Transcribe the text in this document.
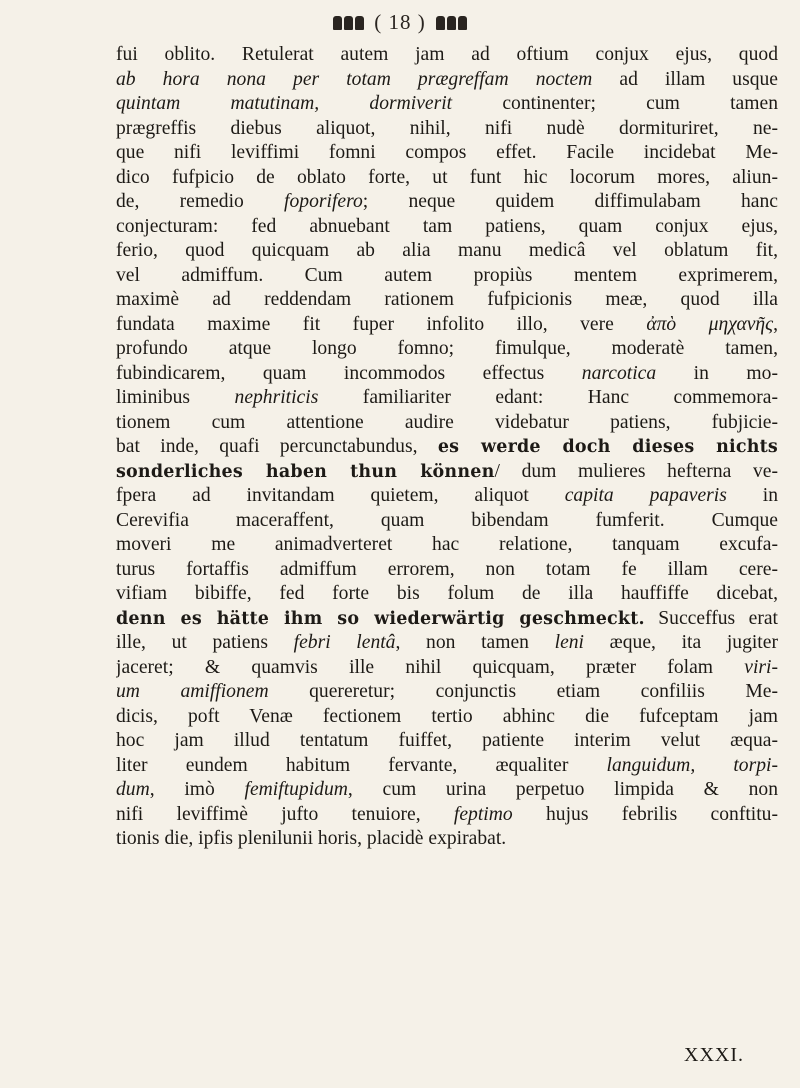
( 18 )
fui oblito. Retulerat autem jam ad oftium conjux ejus, quod
ab hora nona per totam prægreffam noctem ad illam usque
quintam matutinam, dormiverit continenter; cum tamen
prægreffis diebus aliquot, nihil, nifi nudè dormituriret, ne-
que nifi leviffimi fomni compos effet. Facile incidebat Me-
dico fufpicio de oblato forte, ut funt hic locorum mores, aliun-
de, remedio foporifero; neque quidem diffimulabam hanc
conjecturam: fed abnuebant tam patiens, quam conjux ejus,
ferio, quod quicquam ab alia manu medicâ vel oblatum fit,
vel admiffum. Cum autem propiùs mentem exprimerem,
maximè ad reddendam rationem fufpicionis meæ, quod illa
fundata maxime fit fuper infolito illo, vere ἀπὸ μηχανῆς,
profundo atque longo fomno; fimulque, moderatè tamen,
fubindicarem, quam incommodos effectus narcotica in mo-
liminibus nephriticis familiariter edant: Hanc commemora-
tionem cum attentione audire videbatur patiens, fubjicie-
bat inde, quafi percunctabundus, es werde doch dieses nichts
sonderliches haben thun können/ dum mulieres hefterna ve-
fpera ad invitandam quietem, aliquot capita papaveris in
Cerevifia maceraffent, quam bibendam fumferit. Cumque
moveri me animadverteret hac relatione, tanquam excufa-
turus fortaffis admiffum errorem, non totam fe illam cere-
vifiam bibiffe, fed forte bis folum de illa hauffiffe dicebat,
denn es hätte ihm so wiederwärtig geschmeckt. Succeffus erat
ille, ut patiens febri lentâ, non tamen leni æque, ita jugiter
jaceret; & quamvis ille nihil quicquam, præter folam viri-
um amiffionem quereretur; conjunctis etiam confiliis Me-
dicis, poft Venæ fectionem tertio abhinc die fufceptam jam
hoc jam illud tentatum fuiffet, patiente interim velut æqua-
liter eundem habitum fervante, æqualiter languidum, torpi-
dum, imò femiftupidum, cum urina perpetuo limpida & non
nifi leviffimè jufto tenuiore, feptimo hujus febrilis conftitu-
tionis die, ipfis plenilunii horis, placidè expirabat.
XXXI.
